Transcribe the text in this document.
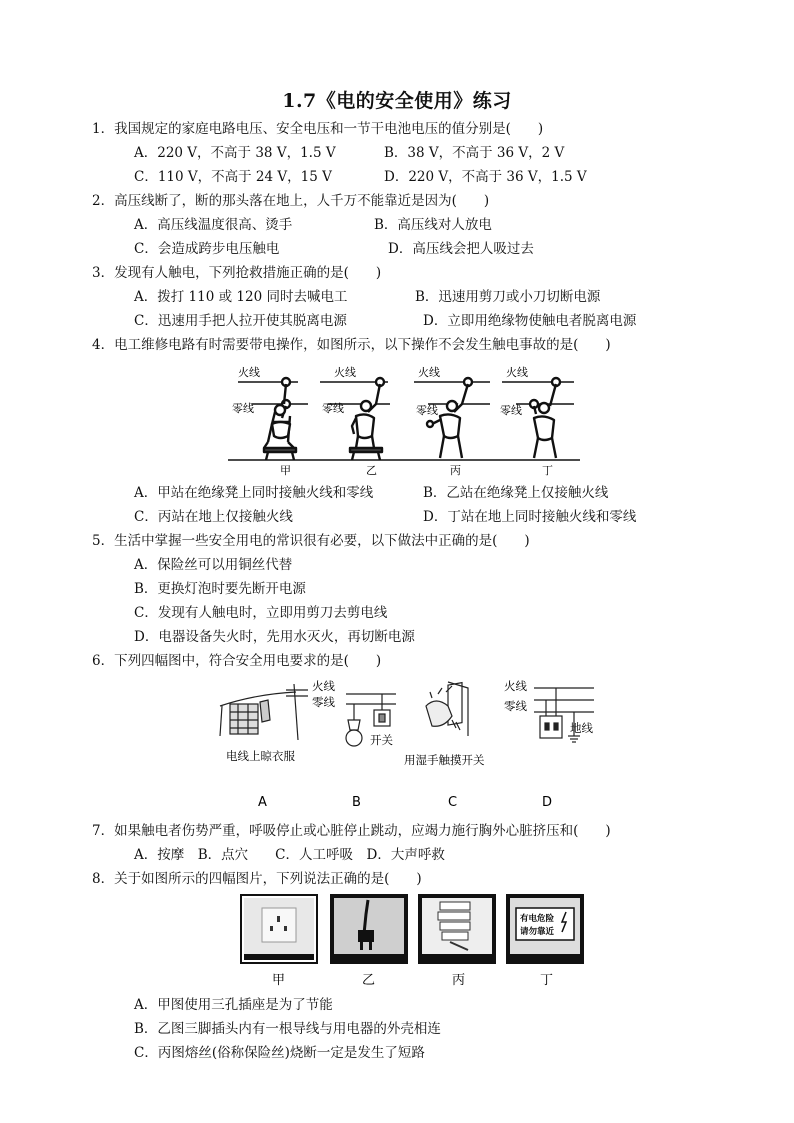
1.7《电的安全使用》练习
1．我国规定的家庭电路电压、安全电压和一节干电池电压的值分别是(　　)
A．220 V，不高于 38 V，1.5 V	B．38 V，不高于 36 V，2 V
C．110 V，不高于 24 V，15 V	D．220 V，不高于 36 V，1.5 V
2．高压线断了，断的那头落在地上，人千万不能靠近是因为(　　)
A．高压线温度很高、烫手	B．高压线对人放电
C．会造成跨步电压触电	D．高压线会把人吸过去
3．发现有人触电，下列抢救措施正确的是(　　)
A．拨打 110 或 120 同时去喊电工	B．迅速用剪刀或小刀切断电源
C．迅速用手把人拉开使其脱离电源	D．立即用绝缘物使触电者脱离电源
4．电工维修电路有时需要带电操作，如图所示，以下操作不会发生触电事故的是(　　)
火线
零线
火线
零线
火线
零线
火线
零线
甲	乙	丙	丁
A．甲站在绝缘凳上同时接触火线和零线	B．乙站在绝缘凳上仅接触火线
C．丙站在地上仅接触火线	D．丁站在地上同时接触火线和零线
5．生活中掌握一些安全用电的常识很有必要，以下做法中正确的是(　　)
A．保险丝可以用铜丝代替
B．更换灯泡时要先断开电源
C．发现有人触电时，立即用剪刀去剪电线
D．电器设备失火时，先用水灭火，再切断电源
6．下列四幅图中，符合安全用电要求的是(　　)
电线上晾衣服
火线
零线
开关
用湿手触摸开关
火线
零线
地线
A	B	C	D
7．如果触电者伤势严重，呼吸停止或心脏停止跳动，应竭力施行胸外心脏挤压和(　　)
A．按摩　B．点穴　　C．人工呼吸　D．大声呼救
8．关于如图所示的四幅图片，下列说法正确的是(　　)
有电危险
请勿靠近
甲	乙	丙	丁
A．甲图使用三孔插座是为了节能
B．乙图三脚插头内有一根导线与用电器的外壳相连
C．丙图熔丝(俗称保险丝)烧断一定是发生了短路
